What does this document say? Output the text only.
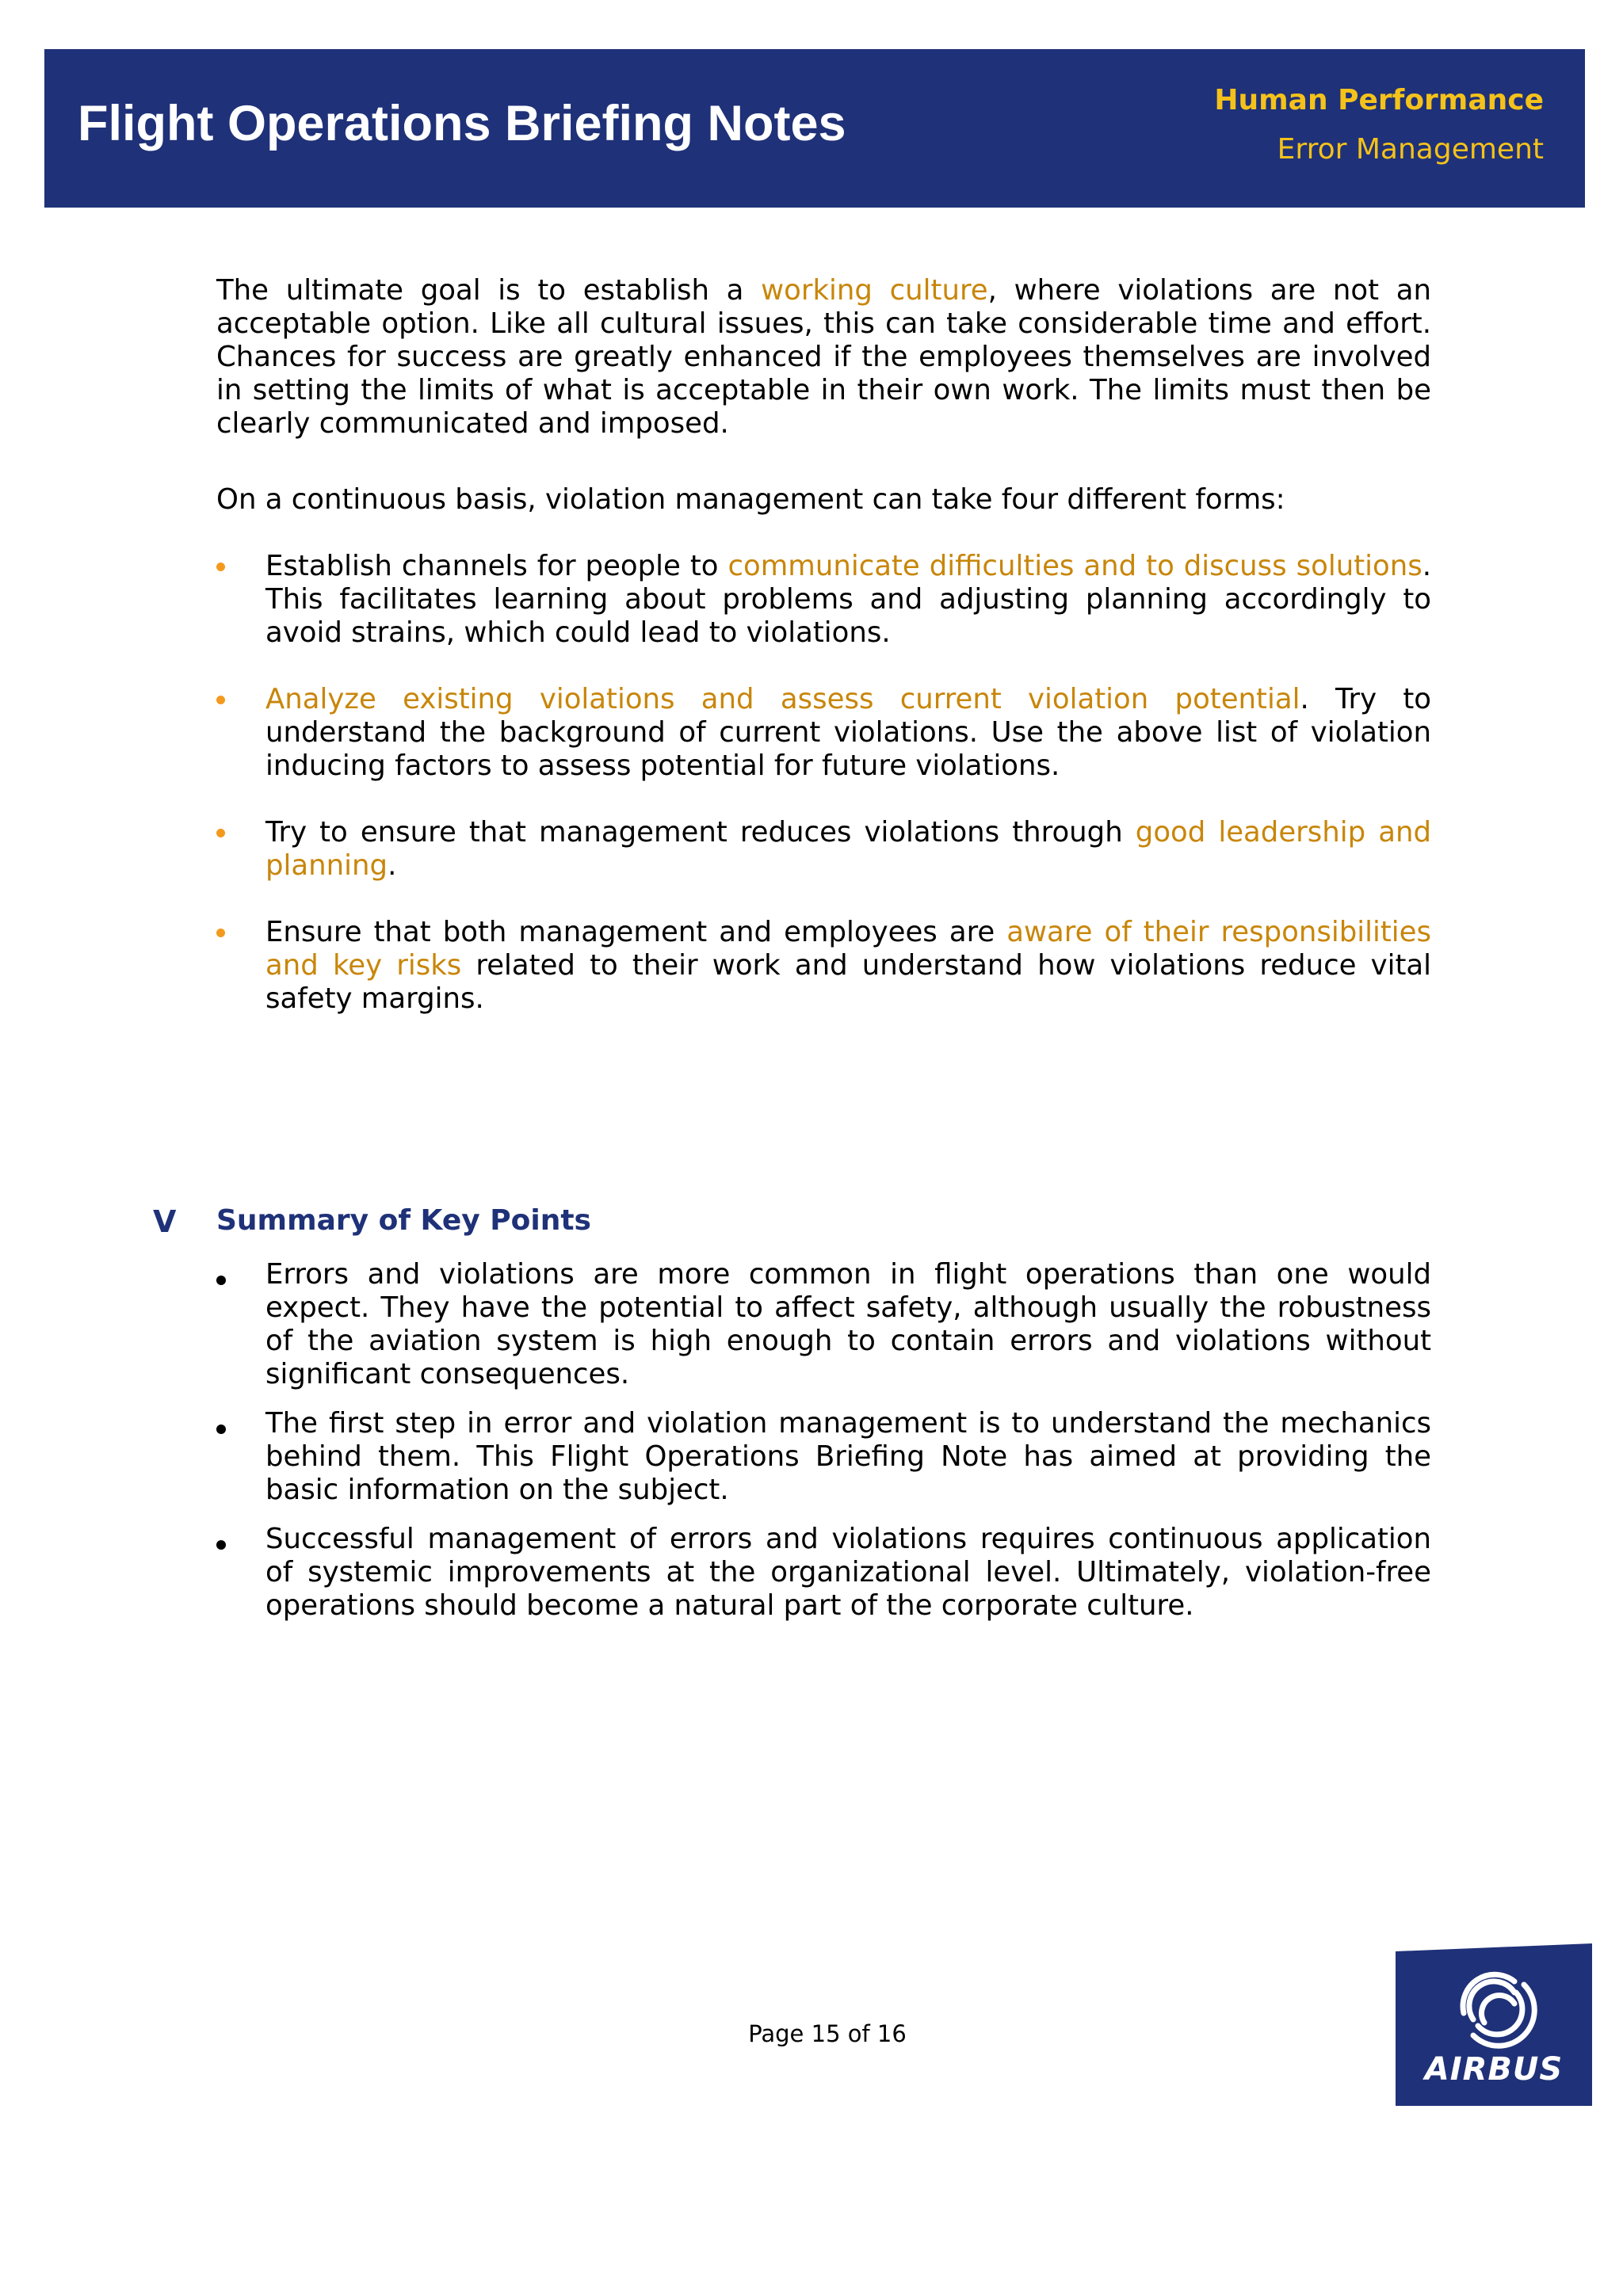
Flight Operations Briefing Notes	Human Performance
Error Management

The ultimate goal is to establish a working culture, where violations are not an acceptable option. Like all cultural issues, this can take considerable time and effort. Chances for success are greatly enhanced if the employees themselves are involved in setting the limits of what is acceptable in their own work. The limits must then be clearly communicated and imposed.

On a continuous basis, violation management can take four different forms:

Establish channels for people to communicate difficulties and to discuss solutions. This facilitates learning about problems and adjusting planning accordingly to avoid strains, which could lead to violations.
Analyze existing violations and assess current violation potential. Try to understand the background of current violations. Use the above list of violation inducing factors to assess potential for future violations.
Try to ensure that management reduces violations through good leadership and planning.
Ensure that both management and employees are aware of their responsibilities and key risks related to their work and understand how violations reduce vital safety margins.
V Summary of Key Points
Errors and violations are more common in flight operations than one would expect. They have the potential to affect safety, although usually the robustness of the aviation system is high enough to contain errors and violations without significant consequences.
The first step in error and violation management is to understand the mechanics behind them. This Flight Operations Briefing Note has aimed at providing the basic information on the subject.
Successful management of errors and violations requires continuous application of systemic improvements at the organizational level. Ultimately, violation-free operations should become a natural part of the corporate culture.
Page 15 of 16
AIRBUS
